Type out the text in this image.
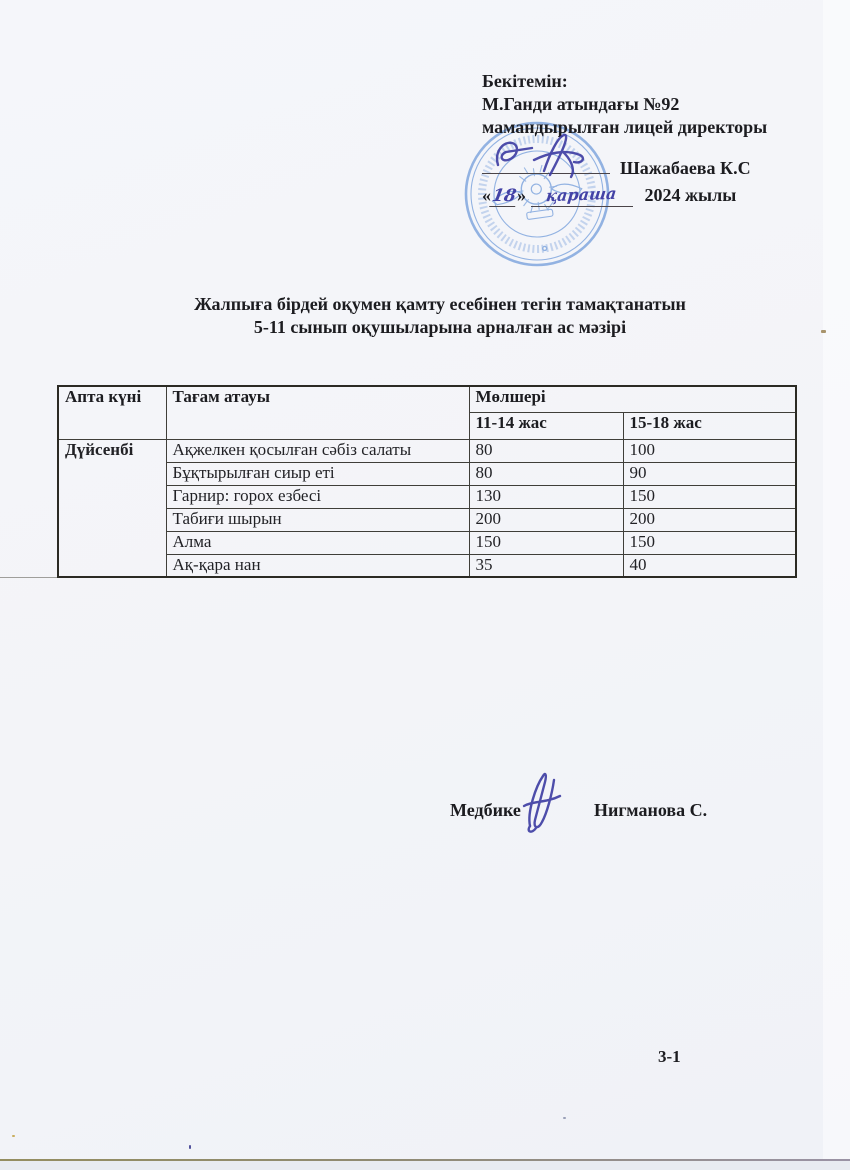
Бекітемін:
М.Ганди атындағы №92
мамандырылған лицей директоры
Шажабаева К.С
«18» қараша 2024 жылы
Жалпыға бірдей оқумен қамту есебінен тегін тамақтанатын
5-11 сынып оқушыларына арналған ас мәзірі
Апта күні	Тағам атауы	Мөлшері	
		11-14 жас	15-18 жас
Дүйсенбі	Ақжелкен қосылған сәбіз салаты	80	100
	Бұқтырылған сиыр еті	80	90
	Гарнир: горох езбесі	130	150
	Табиғи шырын	200	200
	Алма	150	150
	Ақ-қара нан	35	40
Медбике	Нигманова С.
3-1
